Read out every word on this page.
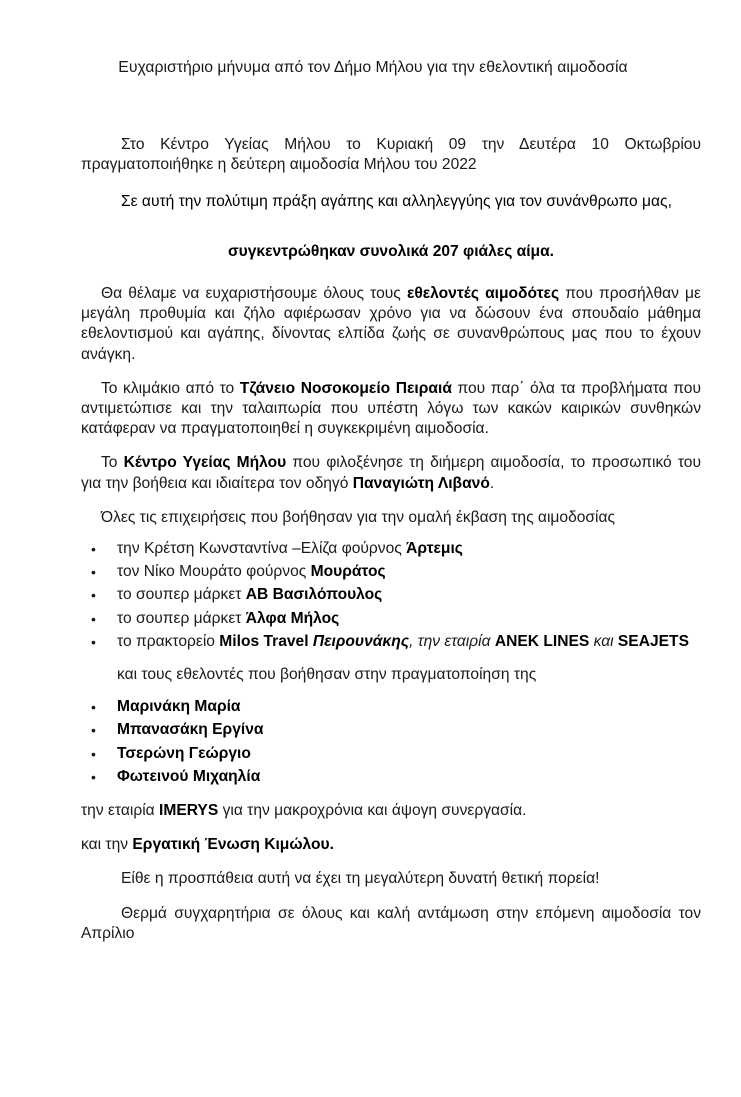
Ευχαριστήριο μήνυμα από τον Δήμο Μήλου για την εθελοντική αιμοδοσία

Στο Κέντρο Υγείας Μήλου το Κυριακή 09 την Δευτέρα 10 Οκτωβρίου πραγματοποιήθηκε η δεύτερη αιμοδοσία Μήλου του 2022

Σε αυτή την πολύτιμη πράξη αγάπης και αλληλεγγύης για τον συνάνθρωπο μας,

συγκεντρώθηκαν συνολικά 207 φιάλες αίμα.

Θα θέλαμε να ευχαριστήσουμε όλους τους εθελοντές αιμοδότες που προσήλθαν με μεγάλη προθυμία και ζήλο αφιέρωσαν χρόνο για να δώσουν ένα σπουδαίο μάθημα εθελοντισμού και αγάπης, δίνοντας ελπίδα ζωής σε συνανθρώπους μας που το έχουν ανάγκη.

Το κλιμάκιο από το Τζάνειο Νοσοκομείο Πειραιά που παρ΄ όλα τα προβλήματα που αντιμετώπισε και την ταλαιπωρία που υπέστη λόγω των κακών καιρικών συνθηκών κατάφεραν να πραγματοποιηθεί η συγκεκριμένη αιμοδοσία.

Το Κέντρο Υγείας Μήλου που φιλοξένησε τη διήμερη αιμοδοσία, το προσωπικό του για την βοήθεια και ιδιαίτερα τον οδηγό Παναγιώτη Λιβανό.

Όλες τις επιχειρήσεις που βοήθησαν για την ομαλή έκβαση της αιμοδοσίας

• την Κρέτση Κωνσταντίνα –Ελίζα φούρνος Άρτεμις
• τον Νίκο Μουράτο φούρνος Μουράτος
• το σουπερ μάρκετ ΑΒ Βασιλόπουλος
• το σουπερ μάρκετ Άλφα Μήλος
• το πρακτορείο Milos Travel Πειρουνάκης, την εταιρία ANEK LINES και SEAJETS

και τους εθελοντές που βοήθησαν στην πραγματοποίηση της

• Μαρινάκη Μαρία
• Μπανασάκη Εργίνα
• Τσερώνη Γεώργιο
• Φωτεινού Μιχαηλία

την εταιρία IMERYS για την μακροχρόνια και άψογη συνεργασία.

και την Εργατική Ένωση Κιμώλου.

Είθε η προσπάθεια αυτή να έχει τη μεγαλύτερη δυνατή θετική πορεία!

Θερμά συγχαρητήρια σε όλους και καλή αντάμωση στην επόμενη αιμοδοσία τον Απρίλιο
